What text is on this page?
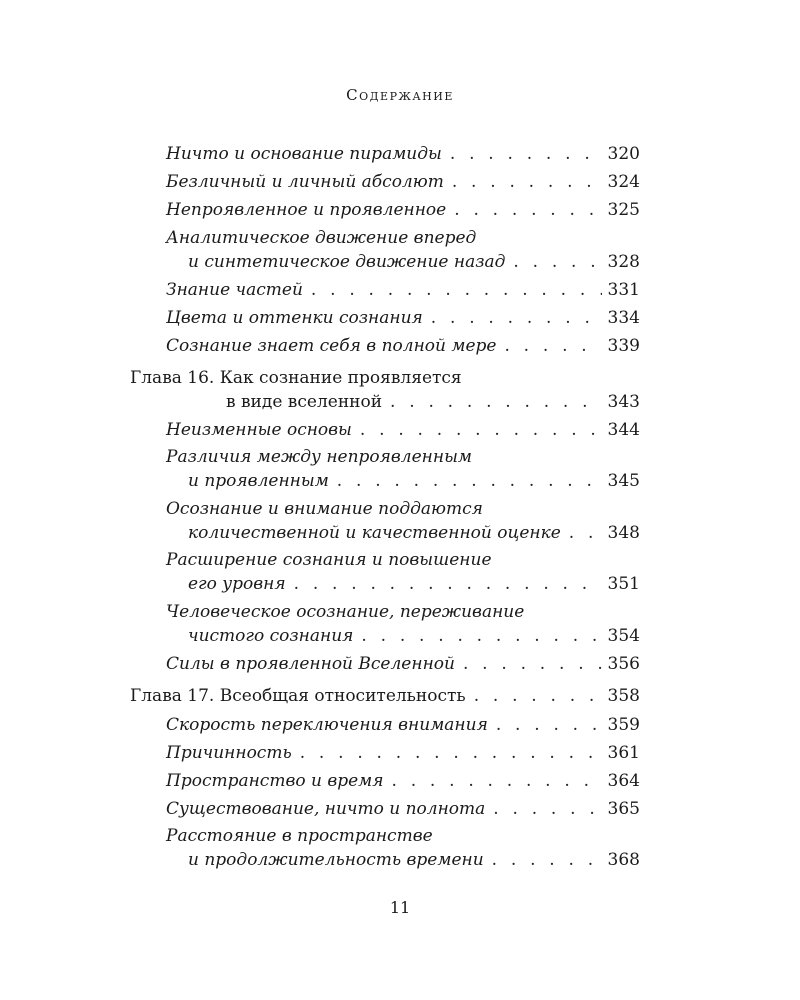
Содержание
Ничто и основание пирамиды . . .	320
Безличный и личный абсолют . . .	324
Непроявленное и проявленное . . .	325
Аналитическое движение вперед
и синтетическое движение назад . . .	328
Знание частей . . .	331
Цвета и оттенки сознания . . .	334
Сознание знает себя в полной мере . . .	339
Глава 16. Как сознание проявляется
в виде вселенной . . .	343
Неизменные основы . . .	344
Различия между непроявленным
и проявленным . . .	345
Осознание и внимание поддаются
количественной и качественной оценке . . .	348
Расширение сознания и повышение
его уровня . . .	351
Человеческое осознание, переживание
чистого сознания . . .	354
Силы в проявленной Вселенной . . .	356
Глава 17. Всеобщая относительность . . .	358
Скорость переключения внимания . . .	359
Причинность . . .	361
Пространство и время . . .	364
Существование, ничто и полнота . . .	365
Расстояние в пространстве
и продолжительность времени . . .	368
11
